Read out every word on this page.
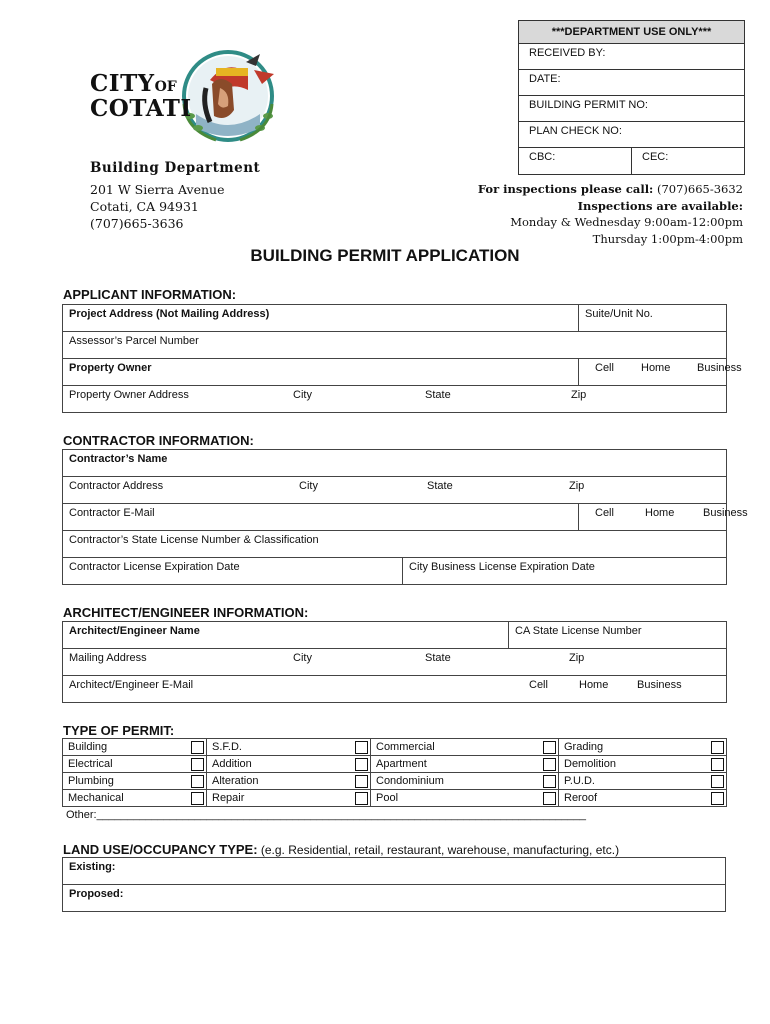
***DEPARTMENT USE ONLY***
RECEIVED BY:
DATE:
BUILDING PERMIT NO:
PLAN CHECK NO:
CBC:	CEC:
CITYOF
COTATI
Building Department
201 W Sierra Avenue
Cotati, CA 94931
(707)665-3636
For inspections please call: (707)665-3632
Inspections are available:
Monday & Wednesday 9:00am-12:00pm
Thursday 1:00pm-4:00pm
BUILDING PERMIT APPLICATION
APPLICANT INFORMATION:
Project Address (Not Mailing Address)	Suite/Unit No.
Assessor’s Parcel Number	
Property Owner	Cell Home Business

Property Owner Address City State Zip	
CONTRACTOR INFORMATION:
Contractor’s Name		

Contractor Address City State Zip		

Contractor E-Mail		Cell Home Business

Contractor’s State License Number & Classification		
Contractor License Expiration Date	City Business License Expiration Date	
ARCHITECT/ENGINEER INFORMATION:
Architect/Engineer Name	CA State License Number

Mailing Address	City	State	Zip

Architect/Engineer E-Mail	Cell	Home	Business
TYPE OF PERMIT:
Building		S.F.D.		Commercial		Grading	
Electrical		Addition		Apartment		Demolition	
Plumbing		Alteration		Condominium		P.U.D.	
Mechanical		Repair		Pool		Reroof	
Other:________________________________________________________________________________
LAND USE/OCCUPANCY TYPE: (e.g. Residential, retail, restaurant, warehouse, manufacturing, etc.)
Existing:
Proposed:
